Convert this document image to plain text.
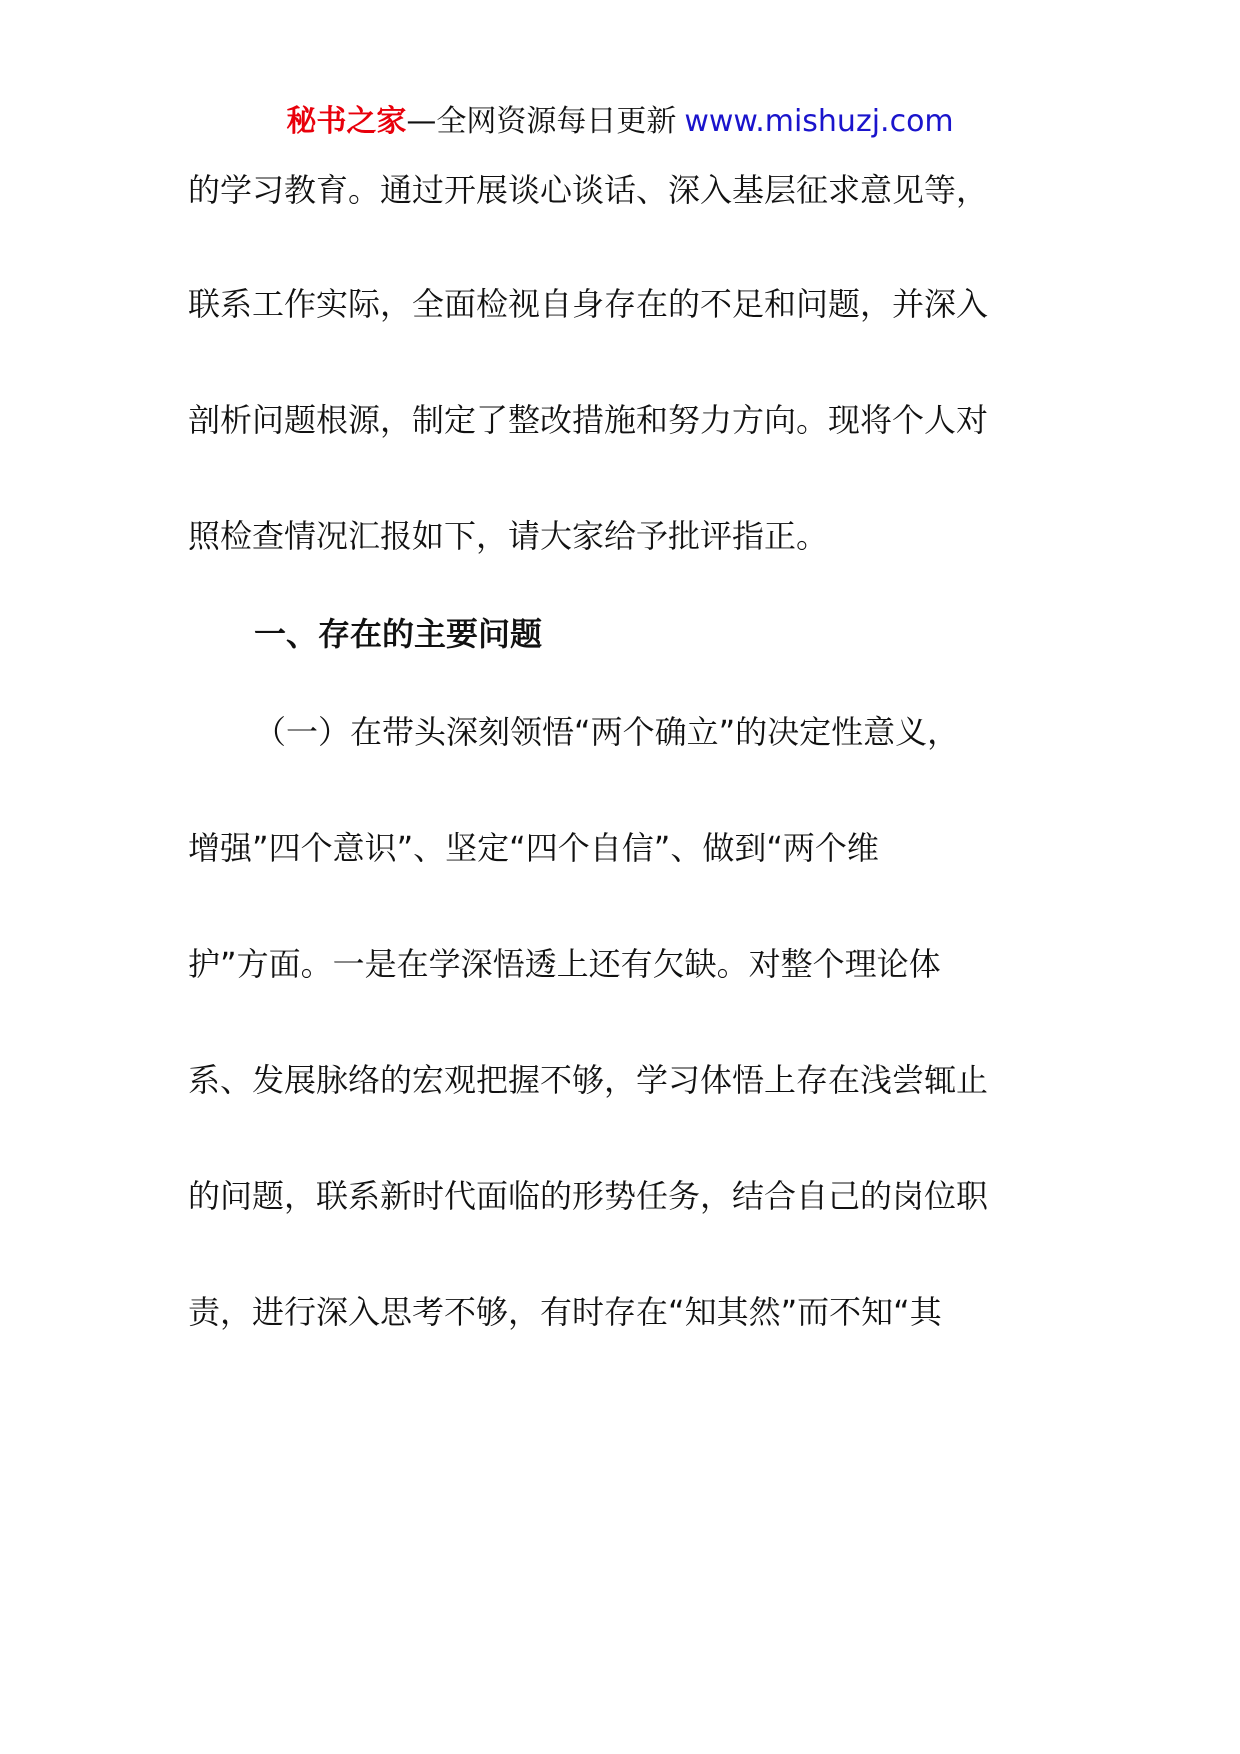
秘书之家—全网资源每日更新 www.mishuzj.com
的学习教育。通过开展谈心谈话、深入基层征求意见等，
联系工作实际，全面检视自身存在的不足和问题，并深入
剖析问题根源，制定了整改措施和努力方向。现将个人对
照检查情况汇报如下，请大家给予批评指正。
一、存在的主要问题
（一）在带头深刻领悟“两个确立”的决定性意义，
增强”四个意识”、坚定“四个自信”、做到“两个维
护”方面。一是在学深悟透上还有欠缺。对整个理论体
系、发展脉络的宏观把握不够，学习体悟上存在浅尝辄止
的问题，联系新时代面临的形势任务，结合自己的岗位职
责，进行深入思考不够，有时存在“知其然”而不知“其
